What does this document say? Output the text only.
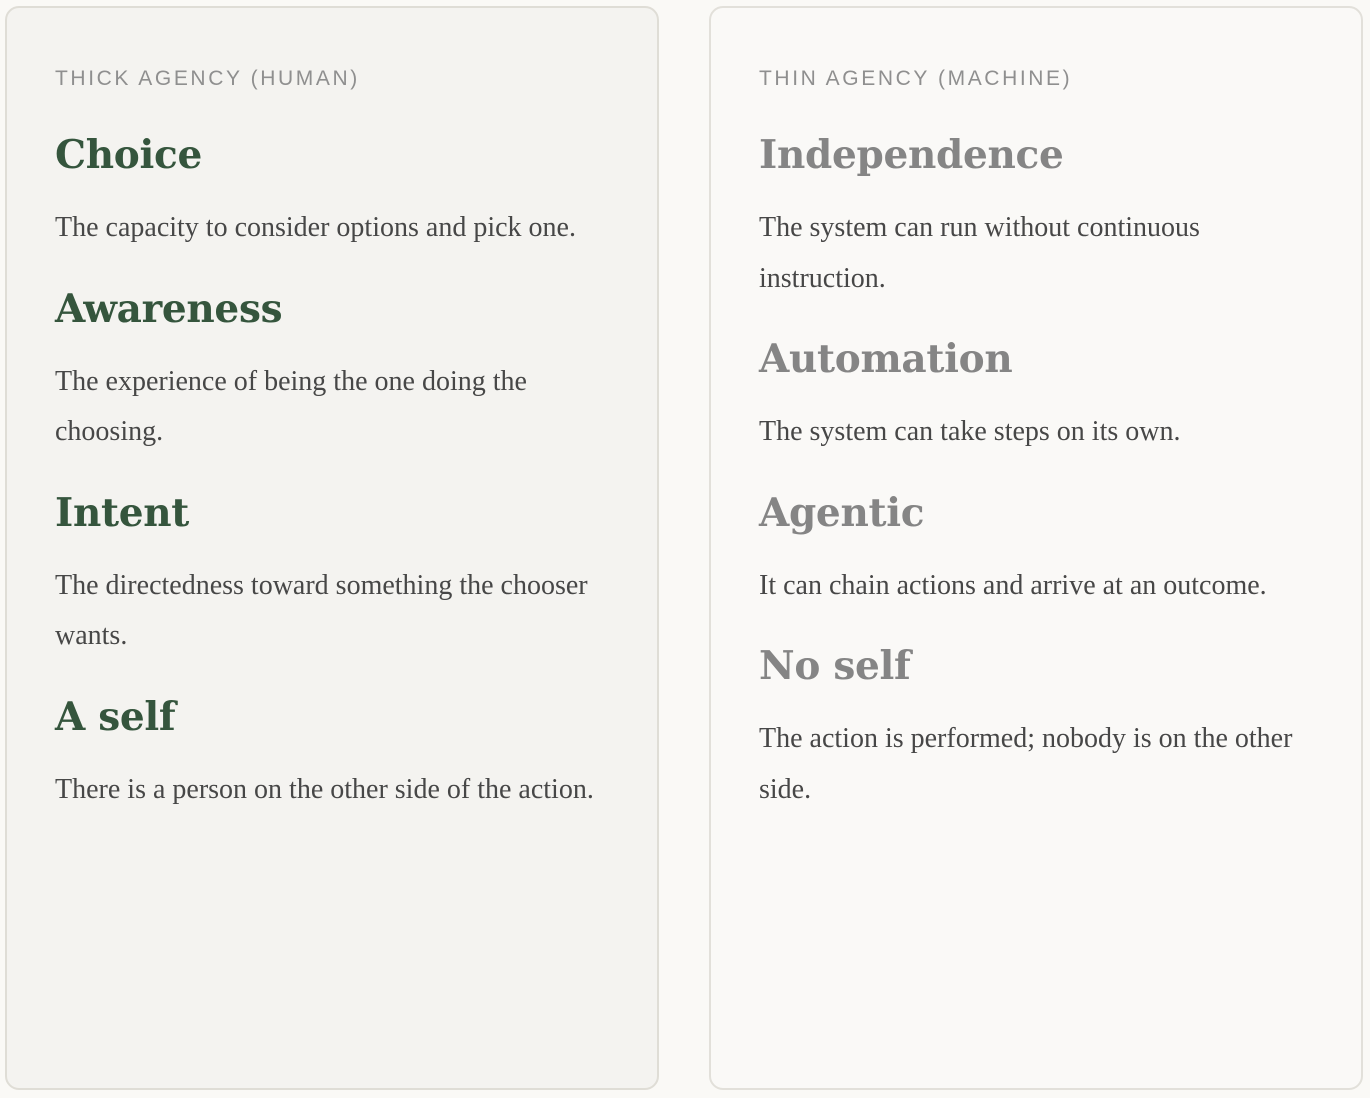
THICK AGENCY (HUMAN)

Choice

The capacity to consider options and pick one.

Awareness

The experience of being the one doing the choosing.

Intent

The directedness toward something the chooser wants.

A self

There is a person on the other side of the action.

THIN AGENCY (MACHINE)

Independence

The system can run without continuous instruction.

Automation

The system can take steps on its own.

Agentic

It can chain actions and arrive at an outcome.

No self

The action is performed; nobody is on the other side.
